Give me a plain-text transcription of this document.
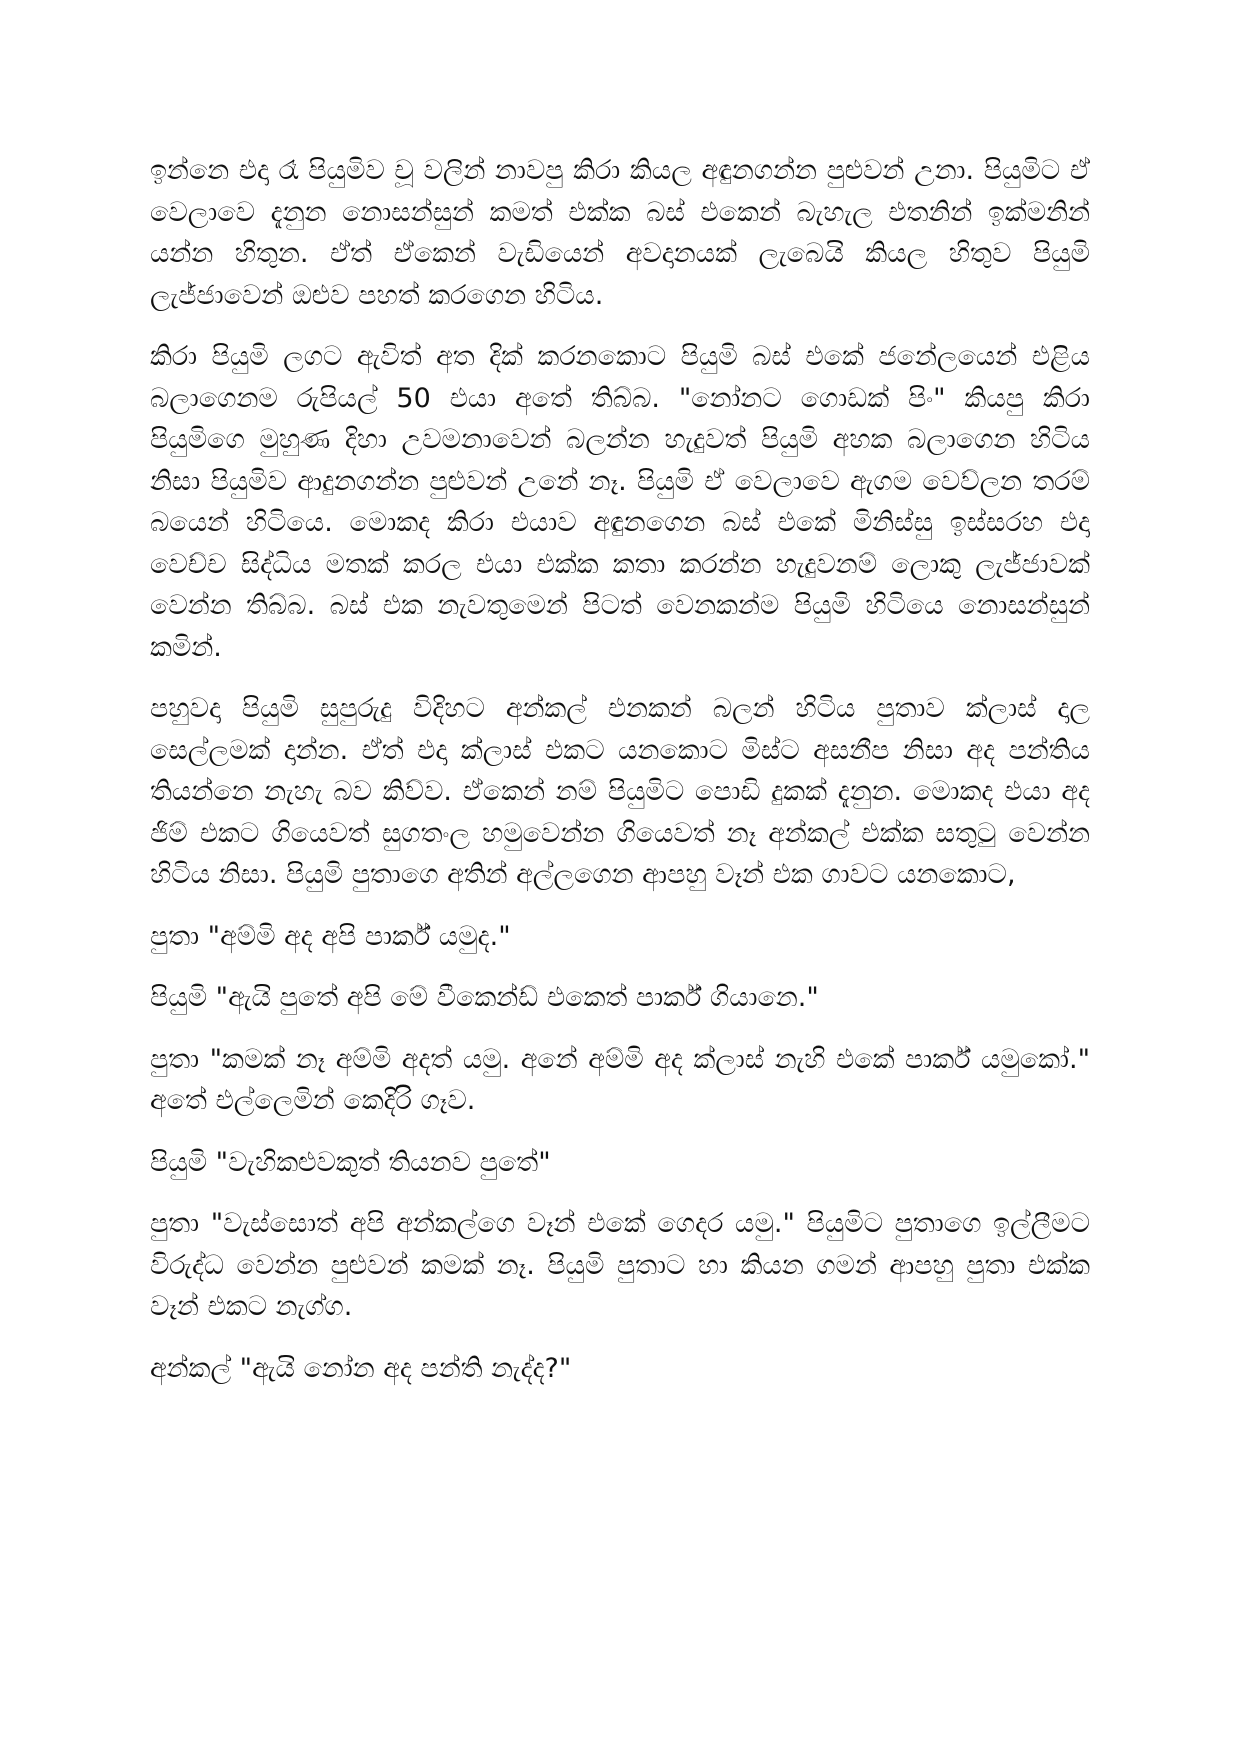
ඉන්නෙ එදා රෑ පියුමිව චූ වලින් නාවපු කිරා කියල අඳුනගන්න පුළුවන් උනා. පියුමිට ඒ වෙලාවෙ දැනුන නොසන්සුන් කමත් එක්ක බස් එකෙන් බැහැල එතනින් ඉක්මනින් යන්න හිතුන. ඒත් ඒකෙන් වැඩියෙන් අවදානයක් ලැබෙයි කියල හිතුව පියුමි ලැජ්ජාවෙන් ඔළුව පහත් කරගෙන හිටිය.

කිරා පියුමි ලගට ඇවිත් අත දික් කරනකොට පියුමි බස් එකේ ජනේලයෙන් එළිය බලාගෙනම රුපියල් 50 එයා අතේ තිබ්බ. "නෝනට ගොඩක් පිං" කියපු කිරා පියුමිගෙ මුහුණ දිහා උවමනාවෙන් බලන්න හැදුවත් පියුමි අහක බලාගෙන හිටිය නිසා පියුමිව ආදුනගන්න පුළුවන් උනේ නෑ. පියුමි ඒ වෙලාවෙ ඇගම වෙව්ලන තරම් බයෙන් හිටියෙ. මොකද කිරා එයාව අඳුනගෙන බස් එකේ මිනිස්සු ඉස්සරහ එදා වෙච්ච සිද්ධිය මතක් කරල එයා එක්ක කතා කරන්න හැදුවනම් ලොකු ලැජ්ජාවක් වෙන්න තිබ්බ. බස් එක නැවතුමෙන් පිටත් වෙනකන්ම පියුමි හිටියෙ නොසන්සුන් කමින්.

පහුවදා පියුමි සුපුරුදු විදිහට අන්කල් එනකන් බලන් හිටිය පුතාව ක්ලාස් දාල සෙල්ලමක් දාන්න. ඒත් එදා ක්ලාස් එකට යනකොට මිස්ට අසනීප නිසා අද පන්තිය තියන්නෙ නැහැ බව කිව්ව. ඒකෙන් නම් පියුමිට පොඩි දුකක් දැනුන. මොකද එයා අද ජිම් එකට ගියෙවත් සුගතංල හමුවෙන්න ගියෙවත් නෑ අන්කල් එක්ක සතුටු වෙන්න හිටිය නිසා. පියුමි පුතාගෙ අතින් අල්ලගෙන ආපහු වෑන් එක ගාවට යනකොට,

පුතා "අම්මි අද අපි පාර්ක් යමුද."

පියුමි "ඇයි පුතේ අපි මේ වීකෙන්ඩ් එකෙත් පාර්ක් ගියානෙ."

පුතා "කමක් නෑ අම්මි අදත් යමු. අනේ අම්මි අද ක්ලාස් නැහි එකේ පාර්ක් යමුකෝ." අතේ එල්ලෙමින් කෙදිරි ගෑව.

පියුමි "වැහිකළුවකුත් තියනව පුතේ"

පුතා "වැස්සොත් අපි අන්කල්ගෙ වෑන් එකේ ගෙදර යමු." පියුමිට පුතාගෙ ඉල්ලීමට විරුද්ධ වෙන්න පුළුවන් කමක් නෑ. පියුමි පුතාට හා කියන ගමන් ආපහු පුතා එක්ක වෑන් එකට නැග්ග.

අන්කල් "ඇයි නෝන අද පන්ති නැද්ද?"
